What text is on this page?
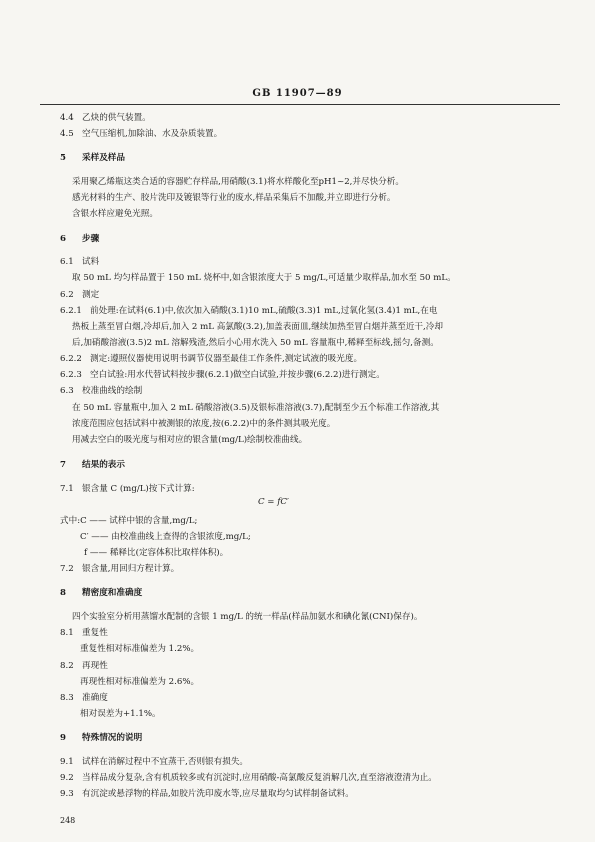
GB 11907—89
4.4 乙炔的供气装置。
4.5 空气压缩机,加除油、水及杂质装置。
5 采样及样品
采用聚乙烯瓶这类合适的容器贮存样品,用硝酸(3.1)将水样酸化至pH1~2,并尽快分析。
感光材料的生产、胶片洗印及镀银等行业的废水,样品采集后不加酸,并立即进行分析。
含银水样应避免光照。
6 步骤
6.1 试料
取 50 mL 均匀样品置于 150 mL 烧杯中,如含银浓度大于 5 mg/L,可适量少取样品,加水至 50 mL。
6.2 测定
6.2.1 前处理:在试料(6.1)中,依次加入硝酸(3.1)10 mL,硫酸(3.3)1 mL,过氧化氢(3.4)1 mL,在电
热板上蒸至冒白烟,冷却后,加入 2 mL 高氯酸(3.2),加盖表面皿,继续加热至冒白烟并蒸至近干,冷却
后,加硝酸溶液(3.5)2 mL 溶解残渣,然后小心用水洗入 50 mL 容量瓶中,稀释至标线,摇匀,备测。
6.2.2 测定:遵照仪器使用说明书调节仪器至最佳工作条件,测定试液的吸光度。
6.2.3 空白试验:用水代替试料按步骤(6.2.1)做空白试验,并按步骤(6.2.2)进行测定。
6.3 校准曲线的绘制
在 50 mL 容量瓶中,加入 2 mL 硝酸溶液(3.5)及银标准溶液(3.7),配制至少五个标准工作溶液,其
浓度范围应包括试料中被测银的浓度,按(6.2.2)中的条件测其吸光度。
用减去空白的吸光度与相对应的银含量(mg/L)绘制校准曲线。
7 结果的表示
7.1 银含量 C (mg/L)按下式计算:
式中:C —— 试样中银的含量,mg/L;
C′ —— 由校准曲线上查得的含银浓度,mg/L;
f —— 稀释比(定容体积比取样体积)。
7.2 银含量,用回归方程计算。
8 精密度和准确度
四个实验室分析用蒸馏水配制的含银 1 mg/L 的统一样品(样品加氨水和碘化氰(CNI)保存)。
8.1 重复性
重复性相对标准偏差为 1.2%。
8.2 再现性
再现性相对标准偏差为 2.6%。
8.3 准确度
相对误差为+1.1%。
9 特殊情况的说明
9.1 试样在消解过程中不宜蒸干,否则银有损失。
9.2 当样品成分复杂,含有机质较多或有沉淀时,应用硝酸-高氯酸反复消解几次,直至溶液澄清为止。
9.3 有沉淀或悬浮物的样品,如胶片洗印废水等,应尽量取均匀试样制备试料。
C = fC′
248
